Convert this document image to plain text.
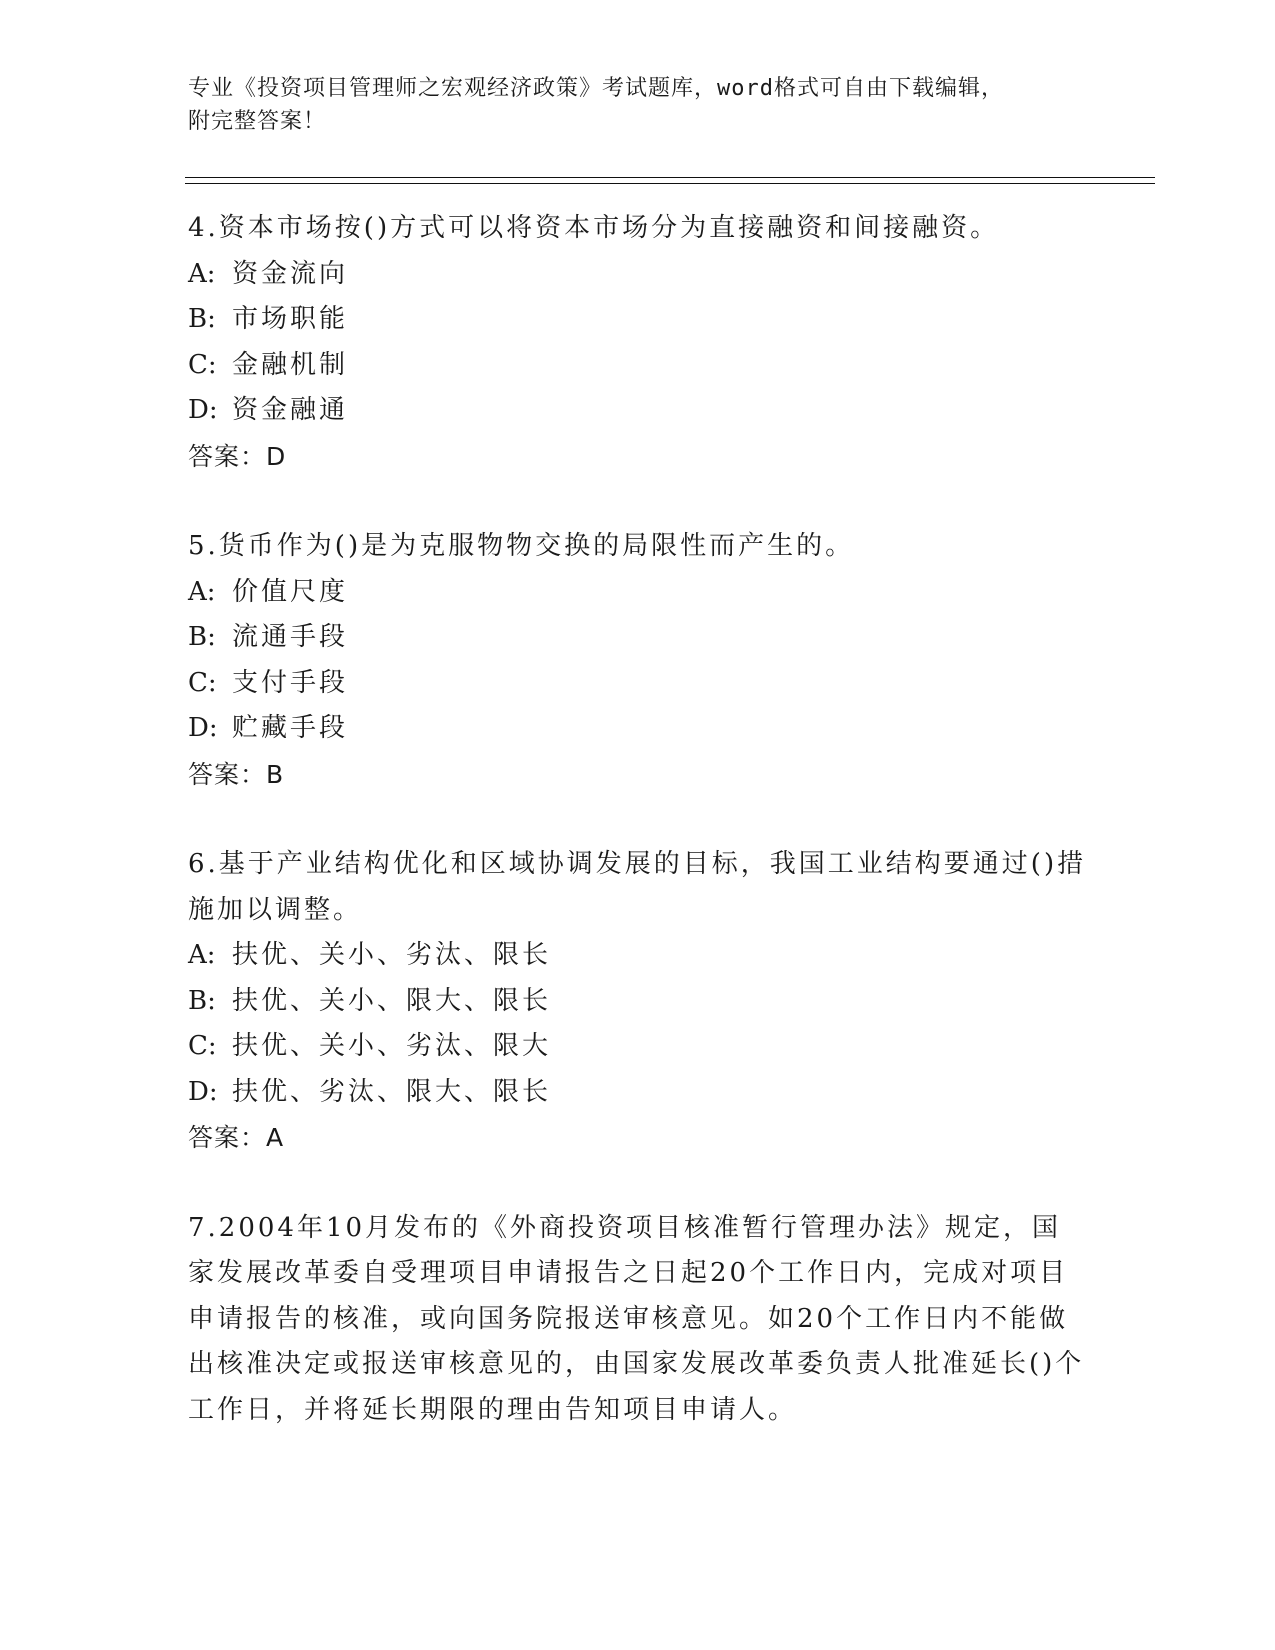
专业《投资项目管理师之宏观经济政策》考试题库，word格式可自由下载编辑，
附完整答案！

4.资本市场按()方式可以将资本市场分为直接融资和间接融资。

A: 资金流向

B: 市场职能

C: 金融机制

D: 资金融通

答案：D

5.货币作为()是为克服物物交换的局限性而产生的。

A: 价值尺度

B: 流通手段

C: 支付手段

D: 贮藏手段

答案：B

6.基于产业结构优化和区域协调发展的目标，我国工业结构要通过()措施加以调整。

A: 扶优、关小、劣汰、限长

B: 扶优、关小、限大、限长

C: 扶优、关小、劣汰、限大

D: 扶优、劣汰、限大、限长

答案：A

7.2004年10月发布的《外商投资项目核准暂行管理办法》规定，国家发展改革委自受理项目申请报告之日起20个工作日内，完成对项目申请报告的核准，或向国务院报送审核意见。如20个工作日内不能做出核准决定或报送审核意见的，由国家发展改革委负责人批准延长()个工作日，并将延长期限的理由告知项目申请人。
